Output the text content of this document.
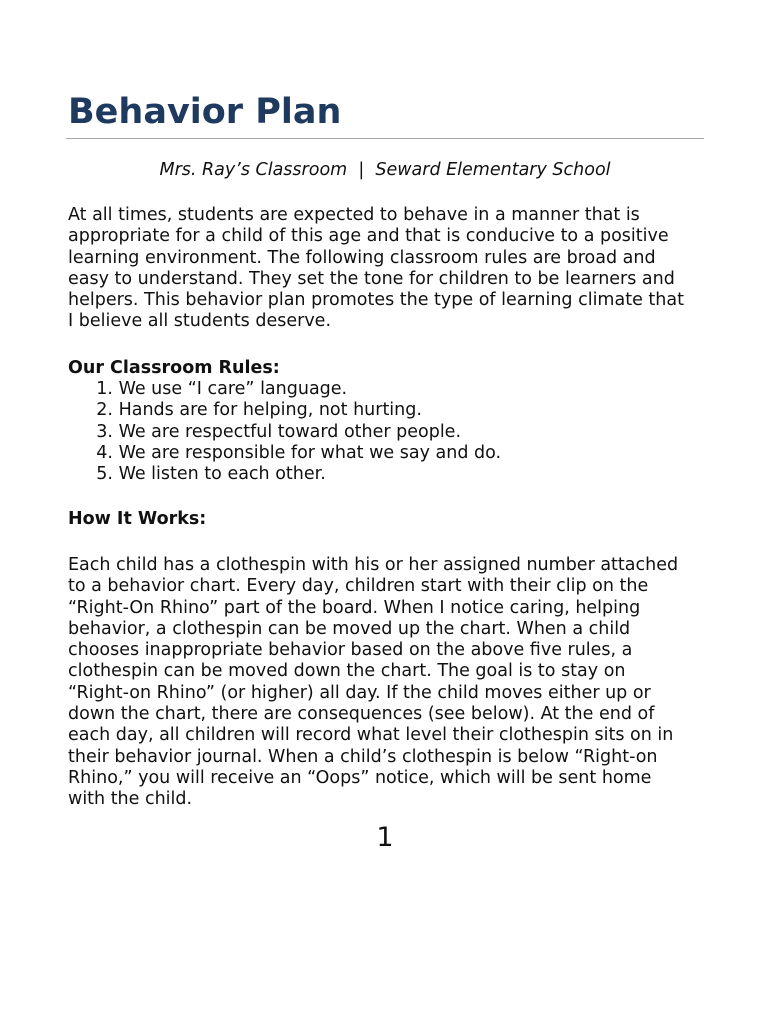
Behavior Plan
Mrs. Ray’s Classroom  |  Seward Elementary School
At all times, students are expected to behave in a manner that is
appropriate for a child of this age and that is conducive to a positive
learning environment. The following classroom rules are broad and
easy to understand. They set the tone for children to be learners and
helpers. This behavior plan promotes the type of learning climate that
I believe all students deserve.
Our Classroom Rules:
1. We use “I care” language.
2. Hands are for helping, not hurting.
3. We are respectful toward other people.
4. We are responsible for what we say and do.
5. We listen to each other.
How It Works:
Each child has a clothespin with his or her assigned number attached
to a behavior chart. Every day, children start with their clip on the
“Right-On Rhino” part of the board. When I notice caring, helping
behavior, a clothespin can be moved up the chart. When a child
chooses inappropriate behavior based on the above five rules, a
clothespin can be moved down the chart. The goal is to stay on
“Right-on Rhino” (or higher) all day. If the child moves either up or
down the chart, there are consequences (see below). At the end of
each day, all children will record what level their clothespin sits on in
their behavior journal. When a child’s clothespin is below “Right-on
Rhino,” you will receive an “Oops” notice, which will be sent home
with the child.
1
